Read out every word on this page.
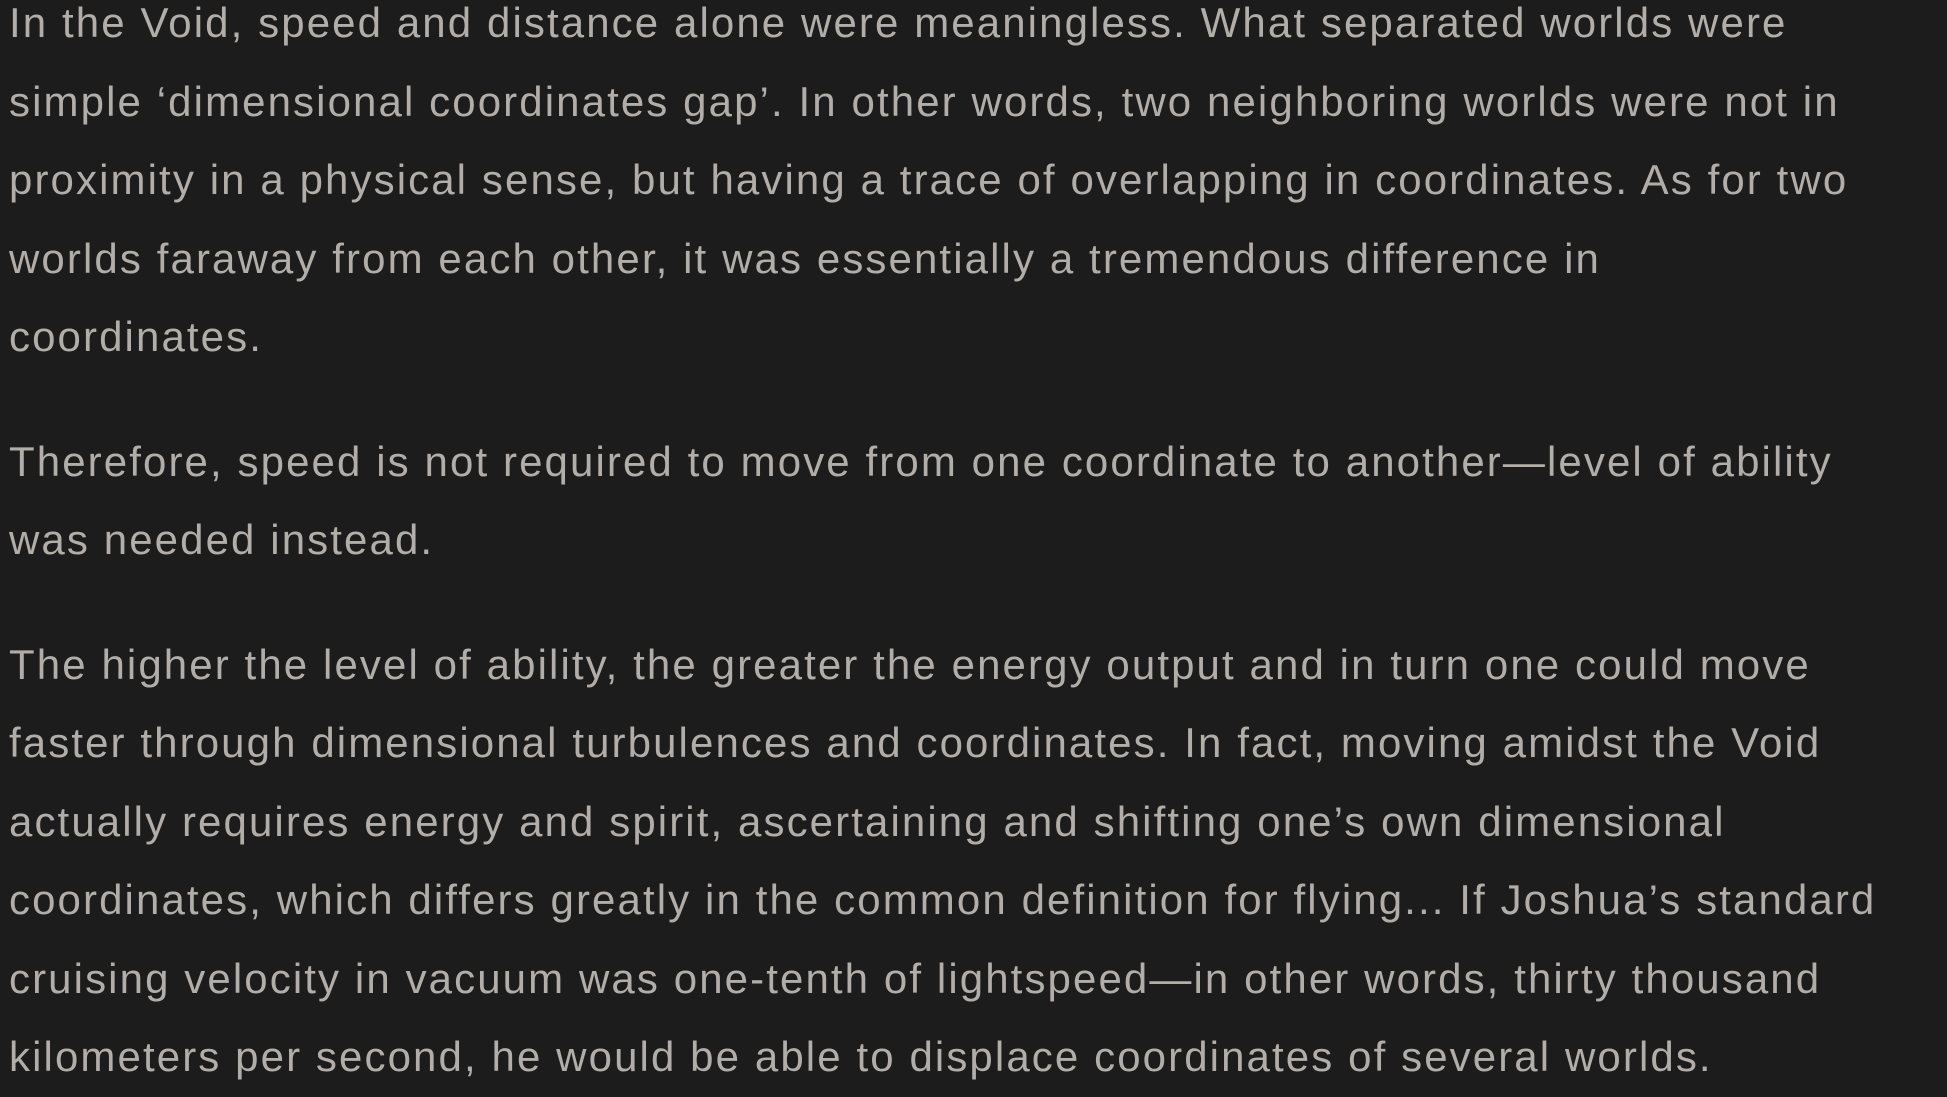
In the Void, speed and distance alone were meaningless. What separated worlds were
simple ‘dimensional coordinates gap’. In other words, two neighboring worlds were not in
proximity in a physical sense, but having a trace of overlapping in coordinates. As for two
worlds faraway from each other, it was essentially a tremendous difference in
coordinates.

Therefore, speed is not required to move from one coordinate to another—level of ability
was needed instead.

The higher the level of ability, the greater the energy output and in turn one could move
faster through dimensional turbulences and coordinates. In fact, moving amidst the Void
actually requires energy and spirit, ascertaining and shifting one’s own dimensional
coordinates, which differs greatly in the common definition for flying... If Joshua’s standard
cruising velocity in vacuum was one-tenth of lightspeed—in other words, thirty thousand
kilometers per second, he would be able to displace coordinates of several worlds.
